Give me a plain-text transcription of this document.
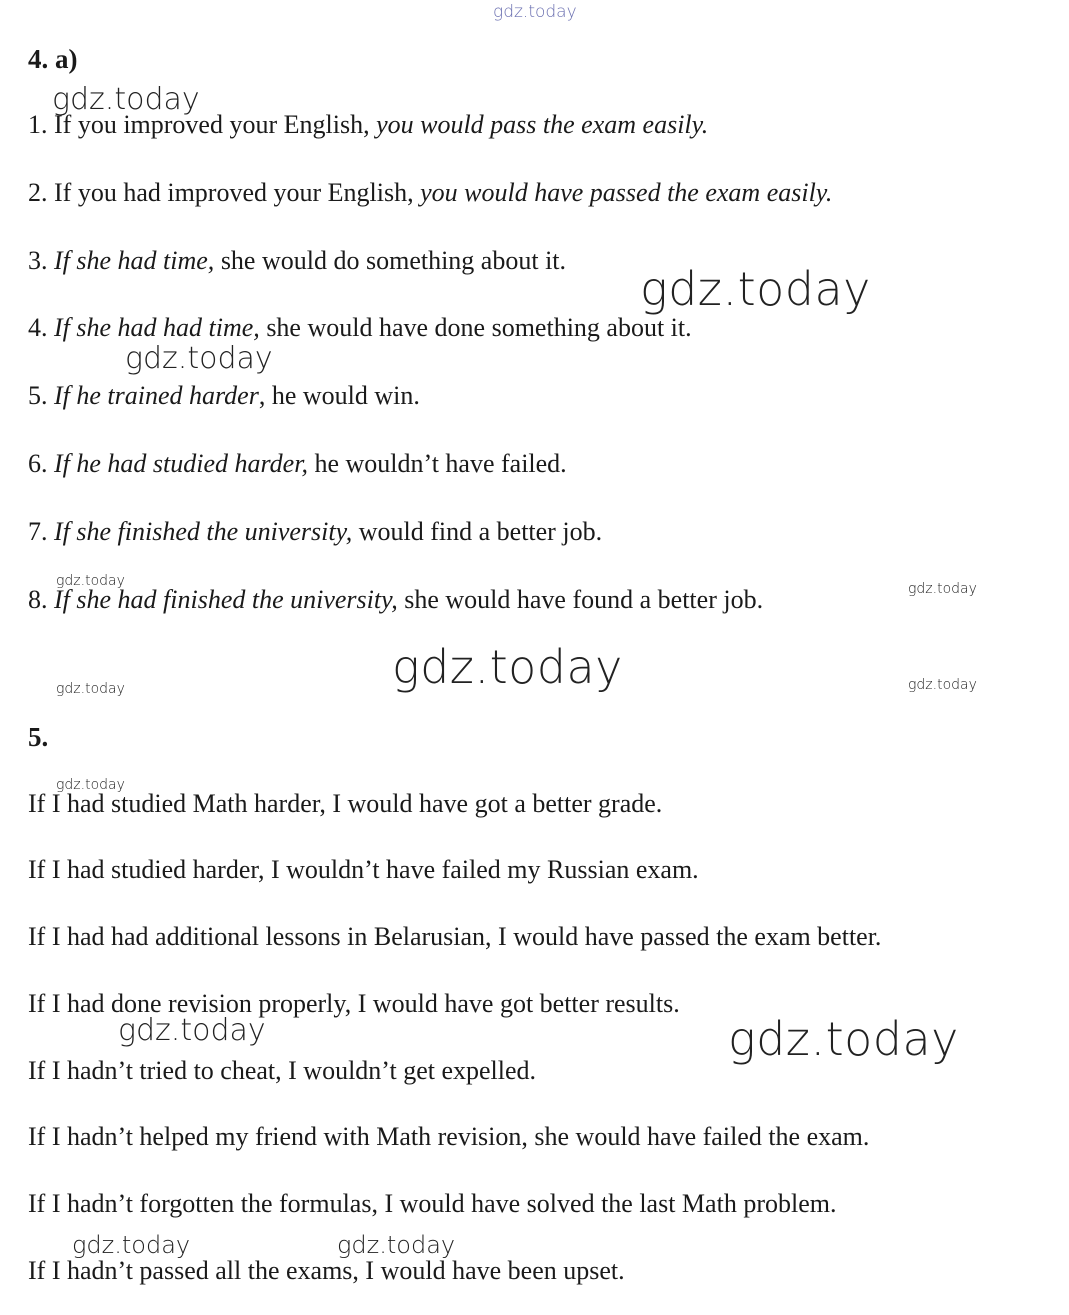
gdz.today
gdz.today
gdz.today
gdz.today
gdz.today	gdz.today
gdz.today
gdz.today	gdz.today
gdz.today
gdz.today	gdz.today
gdz.today	gdz.today
4. a)
1. If you improved your English, you would pass the exam easily.
2. If you had improved your English, you would have passed the exam easily.
3. If she had time, she would do something about it.
4. If she had had time, she would have done something about it.
5. If he trained harder, he would win.
6. If he had studied harder, he wouldn’t have failed.
7. If she finished the university, would find a better job.
8. If she had finished the university, she would have found a better job.
5.
If I had studied Math harder, I would have got a better grade.
If I had studied harder, I wouldn’t have failed my Russian exam.
If I had had additional lessons in Belarusian, I would have passed the exam better.
If I had done revision properly, I would have got better results.
If I hadn’t tried to cheat, I wouldn’t get expelled.
If I hadn’t helped my friend with Math revision, she would have failed the exam.
If I hadn’t forgotten the formulas, I would have solved the last Math problem.
If I hadn’t passed all the exams, I would have been upset.
